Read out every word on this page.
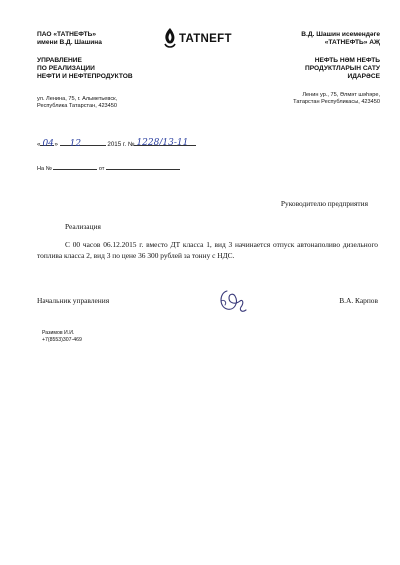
ПАО «ТАТНЕФТЬ»
имени В.Д. Шашина
УПРАВЛЕНИЕ
ПО РЕАЛИЗАЦИИ
НЕФТИ И НЕФТЕПРОДУКТОВ
ул. Ленина, 75, г. Альметьевск,
Республика Татарстан, 423450
TATNEFT	В.Д. Шашин исемендәге
«ТАТНЕФТЬ» АҖ
НЕФТЬ HӘМ НЕФТЬ
ПРОДУКТЛАРЫН САТУ
ИДАРӘСЕ
Ленин ур., 75, Әлмәт шәһәре,
Татарстан Республикасы, 423450
« 04 » 12	2015 г. № 1228/13-11
На №	от
Руководителю предприятия
Реализация
С 00 часов 06.12.2015 г. вместо ДТ класса 1, вид 3 начинается отпуск автонаполиво дизельного топлива класса 2, вид 3 по цене 36 300 рублей за тонну с НДС.
Начальник управления	В.А. Карпов
Разимов И.И.
+7(8553)307-469
